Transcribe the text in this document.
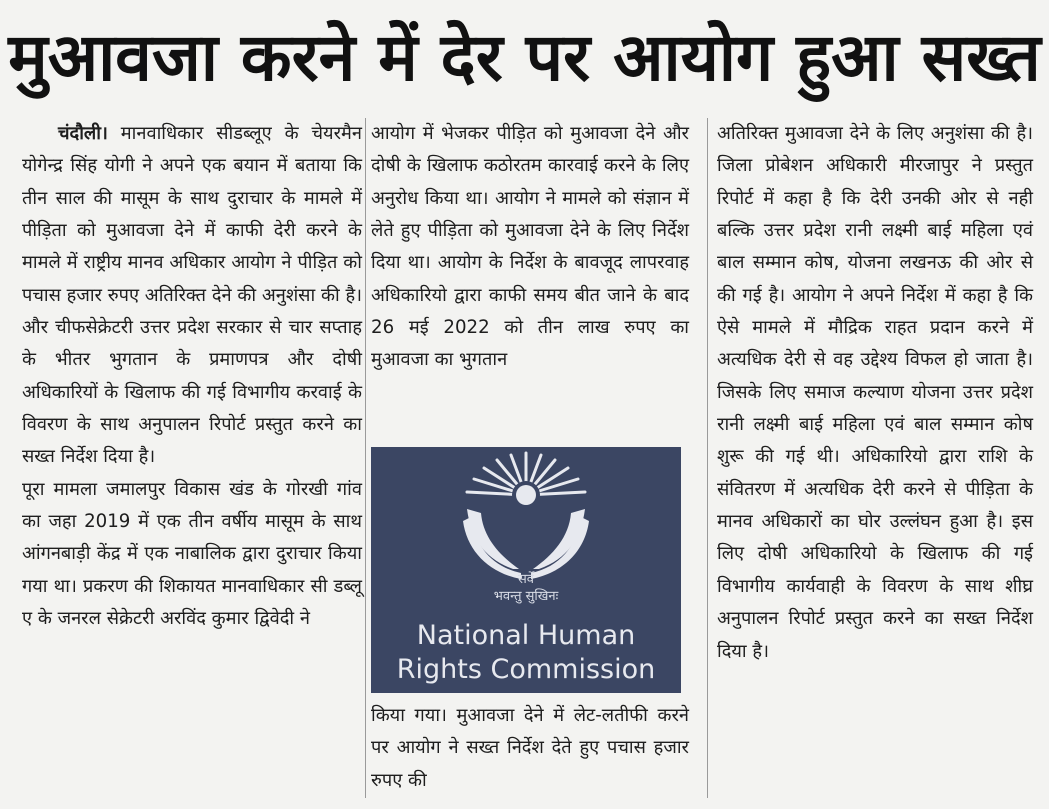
मुआवजा करने में देर पर आयोग हुआ सख्त

चंदौली। मानवाधिकार सीडब्लूए के चेयरमैन योगेन्द्र सिंह योगी ने अपने एक बयान में बताया कि तीन साल की मासूम के साथ दुराचार के मामले में पीड़िता को मुआवजा देने में काफी देरी करने के मामले में राष्ट्रीय मानव अधिकार आयोग ने पीड़ित को पचास हजार रुपए अतिरिक्त देने की अनुशंसा की है। और चीफसेक्रेटरी उत्तर प्रदेश सरकार से चार सप्ताह के भीतर भुगतान के प्रमाणपत्र और दोषी अधिकारियों के खिलाफ की गई विभागीय करवाई के विवरण के साथ अनुपालन रिपोर्ट प्रस्तुत करने का सख्त निर्देश दिया है।

पूरा मामला जमालपुर विकास खंड के गोरखी गांव का जहा 2019 में एक तीन वर्षीय मासूम के साथ आंगनबाड़ी केंद्र में एक नाबालिक द्वारा दुराचार किया गया था। प्रकरण की शिकायत मानवाधिकार सी डब्लू ए के जनरल सेक्रेटरी अरविंद कुमार द्विवेदी ने

आयोग में भेजकर पीड़ित को मुआवजा देने और दोषी के खिलाफ कठोरतम कारवाई करने के लिए अनुरोध किया था। आयोग ने मामले को संज्ञान में लेते हुए पीड़िता को मुआवजा देने के लिए निर्देश दिया था। आयोग के निर्देश के बावजूद लापरवाह अधिकारियो द्वारा काफी समय बीत जाने के बाद 26 मई 2022 को तीन लाख रुपए का मुआवजा का भुगतान

सर्वे
भवन्तु सुखिनः
National Human
Rights Commission

किया गया। मुआवजा देने में लेट-लतीफी करने पर आयोग ने सख्त निर्देश देते हुए पचास हजार रुपए की

अतिरिक्त मुआवजा देने के लिए अनुशंसा की है। जिला प्रोबेशन अधिकारी मीरजापुर ने प्रस्तुत रिपोर्ट में कहा है कि देरी उनकी ओर से नही बल्कि उत्तर प्रदेश रानी लक्ष्मी बाई महिला एवं बाल सम्मान कोष, योजना लखनऊ की ओर से की गई है। आयोग ने अपने निर्देश में कहा है कि ऐसे मामले में मौद्रिक राहत प्रदान करने में अत्यधिक देरी से वह उद्देश्य विफल हो जाता है। जिसके लिए समाज कल्याण योजना उत्तर प्रदेश रानी लक्ष्मी बाई महिला एवं बाल सम्मान कोष शुरू की गई थी। अधिकारियो द्वारा राशि के संवितरण में अत्यधिक देरी करने से पीड़िता के मानव अधिकारों का घोर उल्लंघन हुआ है। इस लिए दोषी अधिकारियो के खिलाफ की गई विभागीय कार्यवाही के विवरण के साथ शीघ्र अनुपालन रिपोर्ट प्रस्तुत करने का सख्त निर्देश दिया है।
